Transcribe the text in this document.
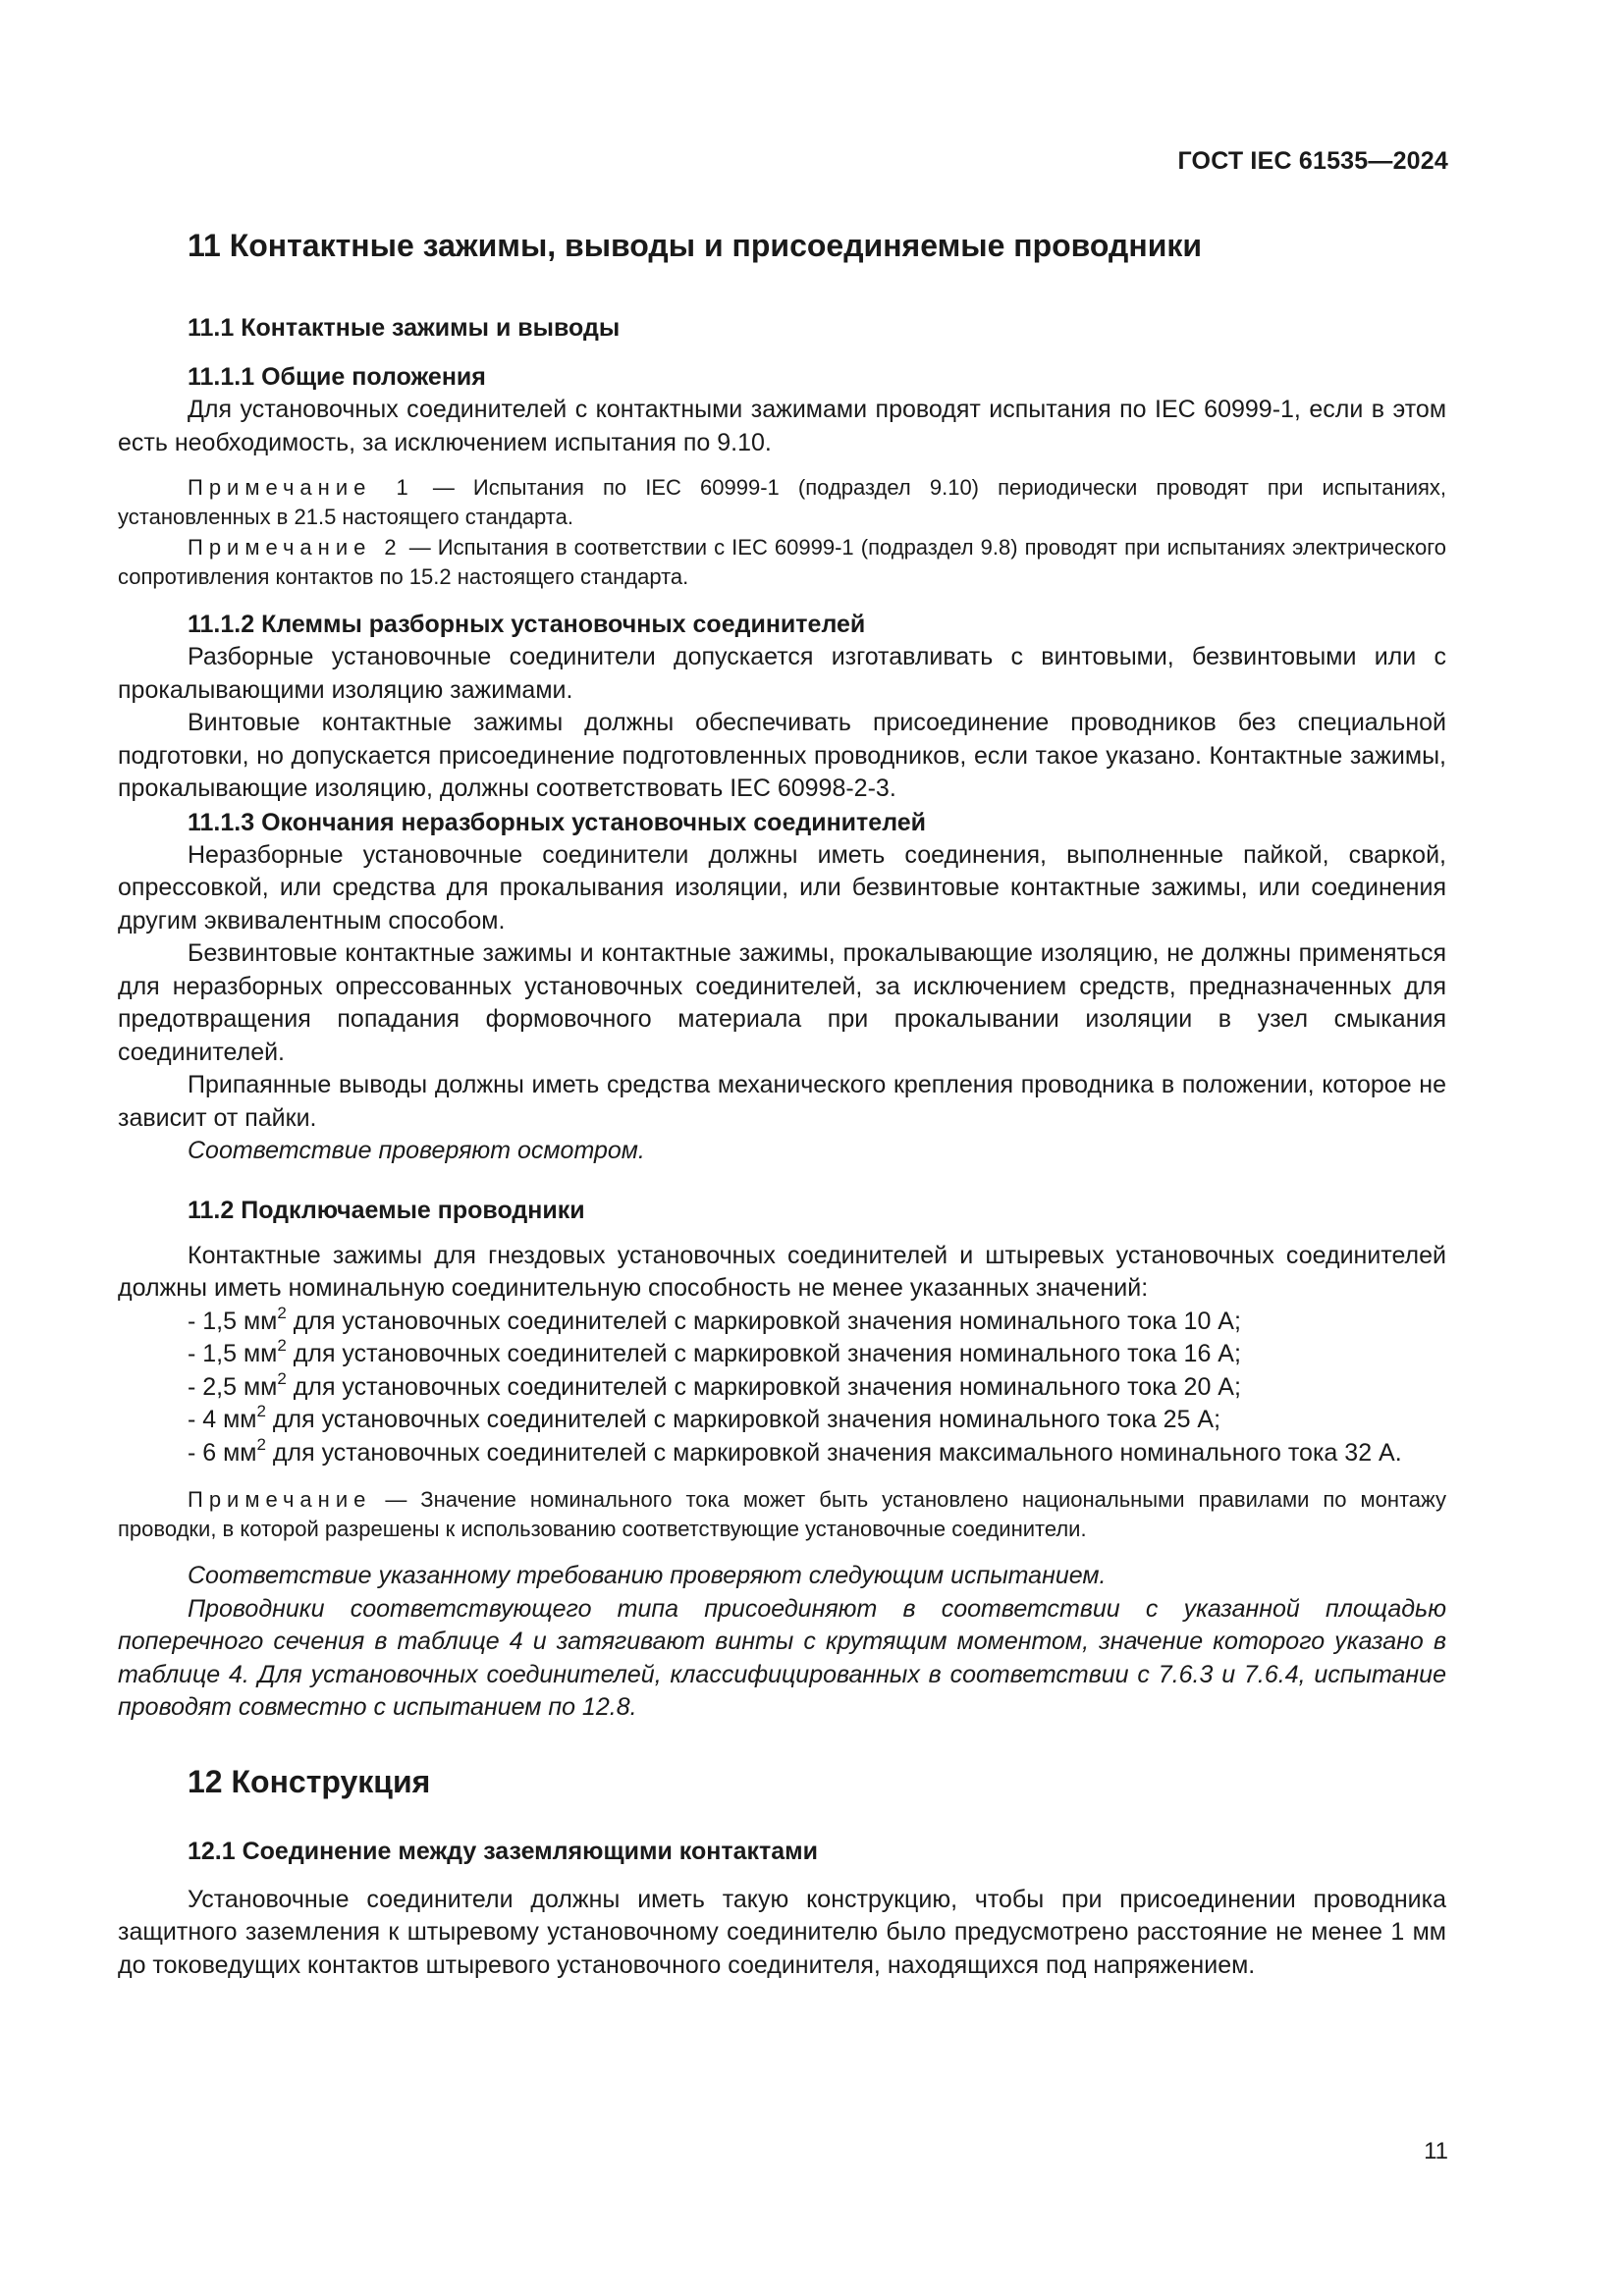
ГОСТ IEC 61535—2024
11 Контактные зажимы, выводы и присоединяемые проводники
11.1 Контактные зажимы и выводы
11.1.1 Общие положения

Для установочных соединителей с контактными зажимами проводят испытания по IEC 60999-1, если в этом есть необходимость, за исключением испытания по 9.10.

Примечание 1 — Испытания по IEC 60999-1 (подраздел 9.10) периодически проводят при испытаниях, установленных в 21.5 настоящего стандарта.

Примечание 2 — Испытания в соответствии с IEC 60999-1 (подраздел 9.8) проводят при испытаниях электрического сопротивления контактов по 15.2 настоящего стандарта.

11.1.2 Клеммы разборных установочных соединителей

Разборные установочные соединители допускается изготавливать с винтовыми, безвинтовыми или с прокалывающими изоляцию зажимами.

Винтовые контактные зажимы должны обеспечивать присоединение проводников без специальной подготовки, но допускается присоединение подготовленных проводников, если такое указано. Контактные зажимы, прокалывающие изоляцию, должны соответствовать IEC 60998-2-3.

11.1.3 Окончания неразборных установочных соединителей

Неразборные установочные соединители должны иметь соединения, выполненные пайкой, сваркой, опрессовкой, или средства для прокалывания изоляции, или безвинтовые контактные зажимы, или соединения другим эквивалентным способом.

Безвинтовые контактные зажимы и контактные зажимы, прокалывающие изоляцию, не должны применяться для неразборных опрессованных установочных соединителей, за исключением средств, предназначенных для предотвращения попадания формовочного материала при прокалывании изоляции в узел смыкания соединителей.

Припаянные выводы должны иметь средства механического крепления проводника в положении, которое не зависит от пайки.

Соответствие проверяют осмотром.

11.2 Подключаемые проводники

Контактные зажимы для гнездовых установочных соединителей и штыревых установочных соединителей должны иметь номинальную соединительную способность не менее указанных значений:

- 1,5 $мм^2$ для установочных соединителей с маркировкой значения номинального тока 10 А;

- 1,5 $мм^2$ для установочных соединителей с маркировкой значения номинального тока 16 А;

- 2,5 $мм^2$ для установочных соединителей с маркировкой значения номинального тока 20 А;

- 4 $мм^2$ для установочных соединителей с маркировкой значения номинального тока 25 А;

- 6 $мм^2$ для установочных соединителей с маркировкой значения максимального номинального тока 32 А.

Примечание — Значение номинального тока может быть установлено национальными правилами по монтажу проводки, в которой разрешены к использованию соответствующие установочные соединители.

Соответствие указанному требованию проверяют следующим испытанием.

Проводники соответствующего типа присоединяют в соответствии с указанной площадью поперечного сечения в таблице 4 и затягивают винты с крутящим моментом, значение которого указано в таблице 4. Для установочных соединителей, классифицированных в соответствии с 7.6.3 и 7.6.4, испытание проводят совместно с испытанием по 12.8.

12 Конструкция
12.1 Соединение между заземляющими контактами

Установочные соединители должны иметь такую конструкцию, чтобы при присоединении проводника защитного заземления к штыревому установочному соединителю было предусмотрено расстояние не менее 1 мм до токоведущих контактов штыревого установочного соединителя, находящихся под напряжением.

11
